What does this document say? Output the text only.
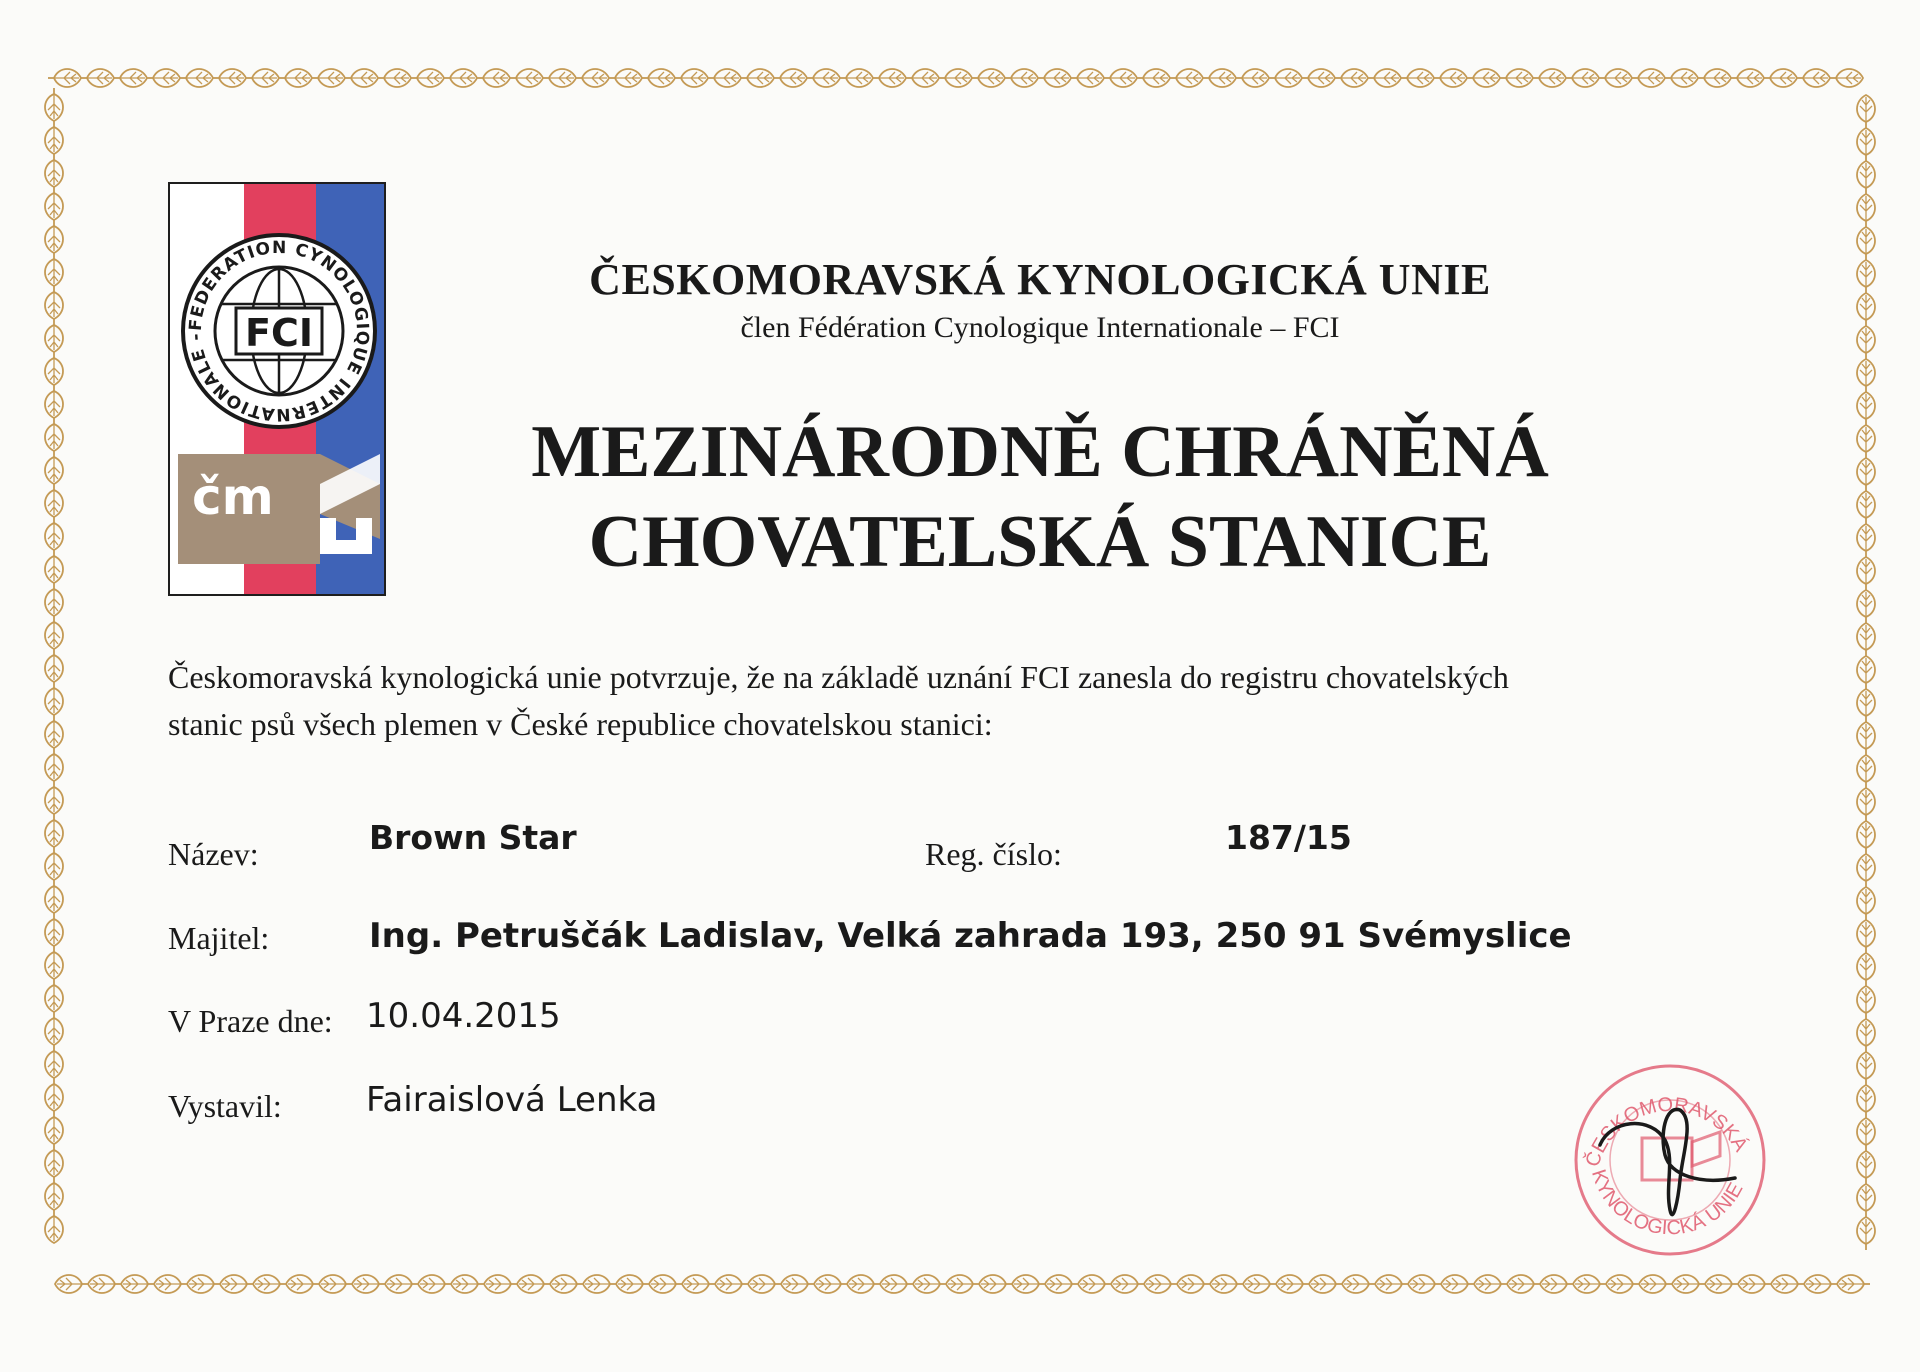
FEDERATION CYNOLOGIQUE INTERNATIONALE -	FCI
čm
ČESKOMORAVSKÁ KYNOLOGICKÁ UNIE
člen Fédération Cynologique Internationale – FCI
MEZINÁRODNĚ CHRÁNĚNÁ
CHOVATELSKÁ STANICE
Českomoravská kynologická unie potvrzuje, že na základě uznání FCI zanesla do registru chovatelských
stanic psů všech plemen v České republice chovatelskou stanici:
Název:	Brown Star	Reg. číslo:	187/15
Majitel:	Ing. Petruščák Ladislav, Velká zahrada 193, 250 91 Svémyslice
V Praze dne: 10.04.2015
Vystavil: Fairaislová Lenka
ČESKOMORAVSKÁ
KYNOLOGICKÁ UNIE
